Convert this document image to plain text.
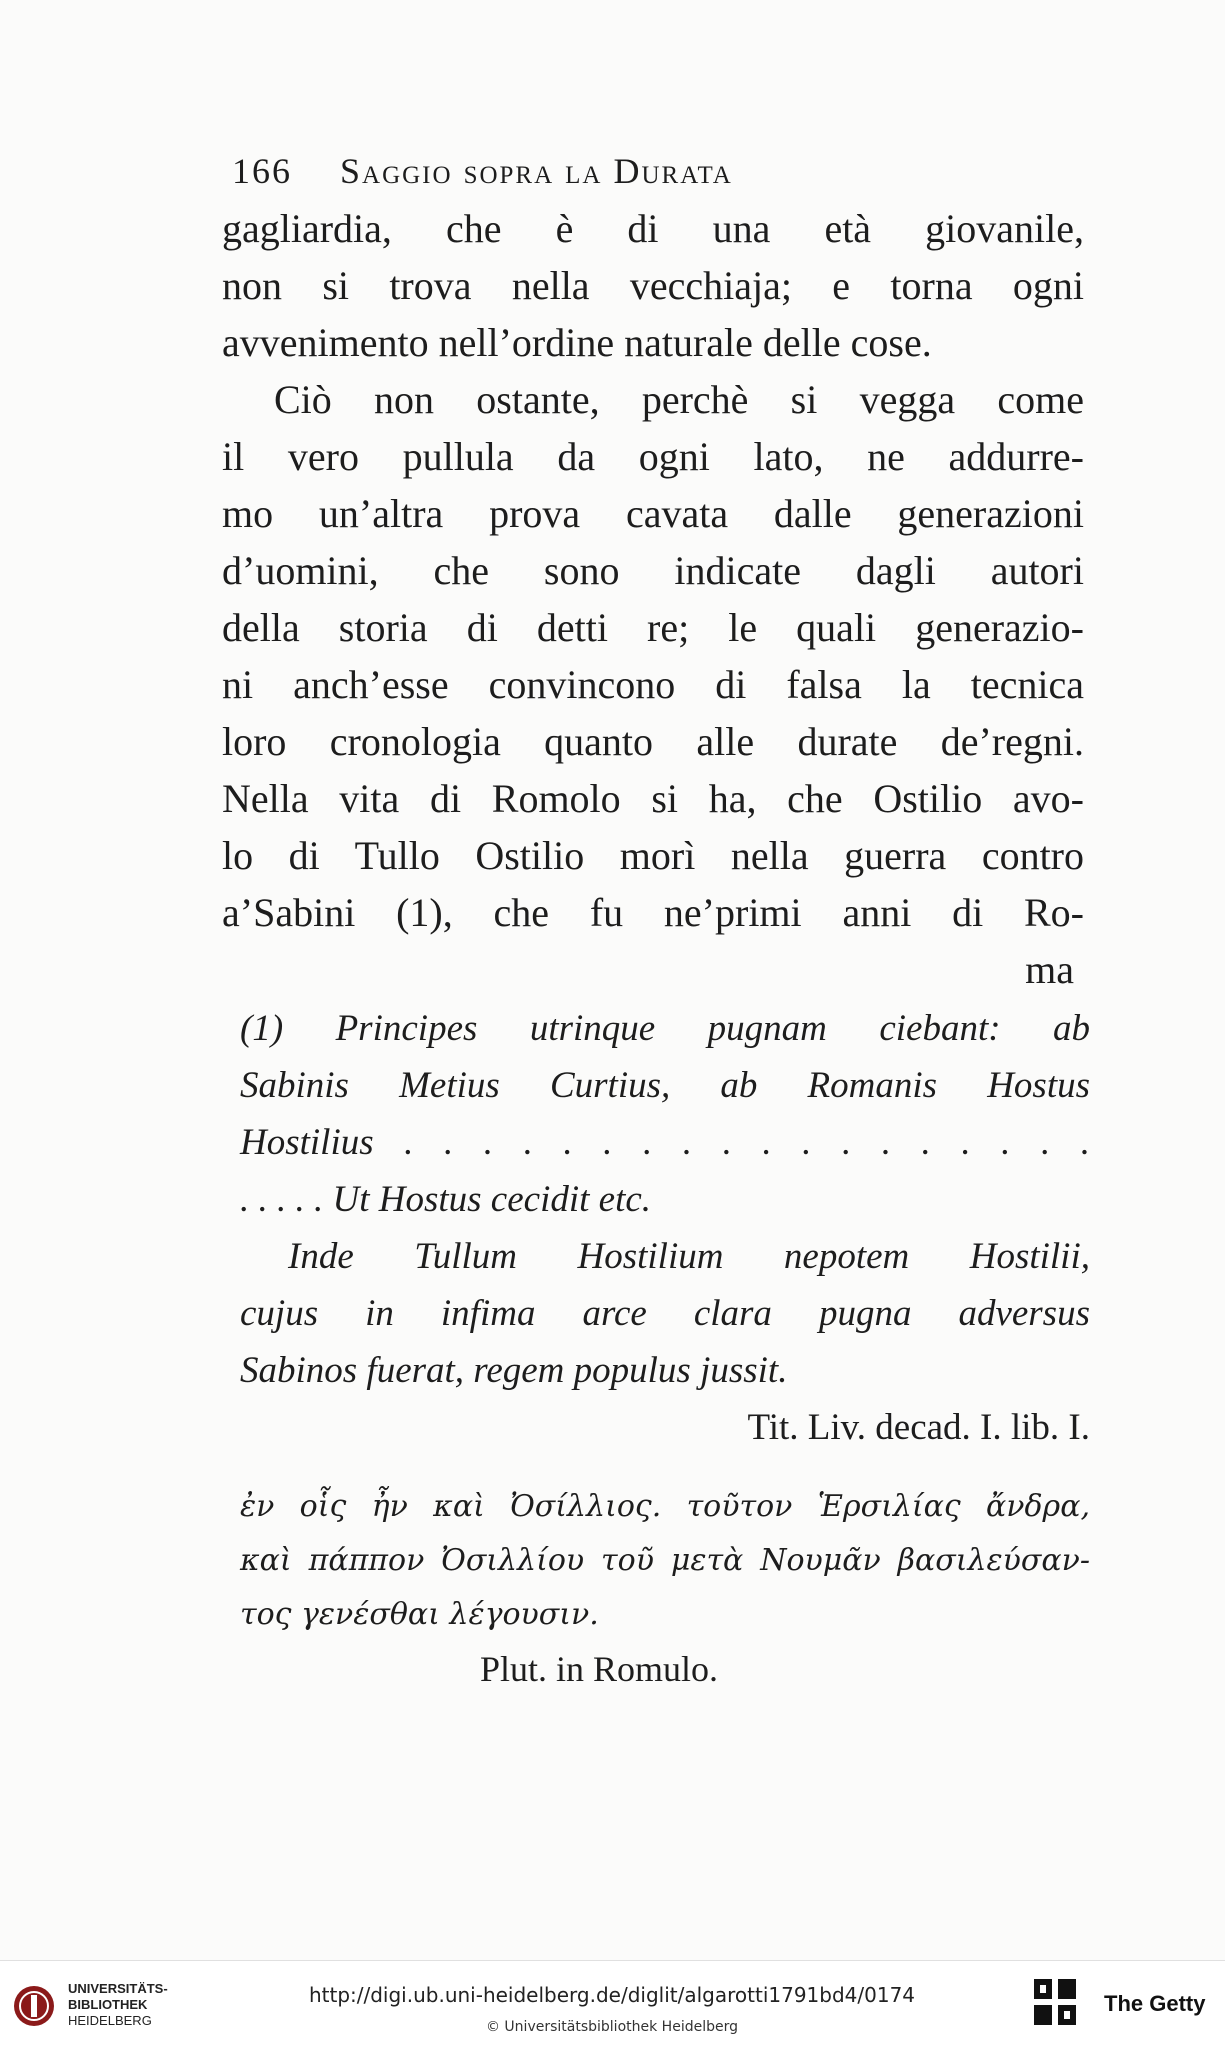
166 Saggio sopra la Durata
gagliardia, che è di una età giovanile,
non si trova nella vecchiaja; e torna ogni
avvenimento nell’ordine naturale delle cose.
Ciò non ostante, perchè si vegga come
il vero pullula da ogni lato, ne addurre-
mo un’altra prova cavata dalle generazioni
d’uomini, che sono indicate dagli autori
della storia di detti re; le quali generazio-
ni anch’esse convincono di falsa la tecnica
loro cronologia quanto alle durate de’regni.
Nella vita di Romolo si ha, che Ostilio avo-
lo di Tullo Ostilio morì nella guerra contro
a’Sabini (1), che fu ne’primi anni di Ro-
ma
(1) Principes utrinque pugnam ciebant: ab
Sabinis Metius Curtius, ab Romanis Hostus
Hostilius . . . . . . . . . . . . . . . . . .
. . . . . Ut Hostus cecidit etc.
Inde Tullum Hostilium nepotem Hostilii,
cujus in infima arce clara pugna adversus
Sabinos fuerat, regem populus jussit.
Tit. Liv. decad. I. lib. I.
ἐν οἷς ἦν καὶ Ὀσίλλιος. τοῦτον Ἑρσιλίας ἄνδρα,
καὶ πάππον Ὀσιλλίου τοῦ μετὰ Νουμᾶν βασιλεύσαν-
τος γενέσθαι λέγουσιν.
Plut. in Romulo.
UNIVERSITÄTS-
BIBLIOTHEK
HEIDELBERG
http://digi.ub.uni-heidelberg.de/diglit/algarotti1791bd4/0174
© Universitätsbibliothek Heidelberg
The Getty
